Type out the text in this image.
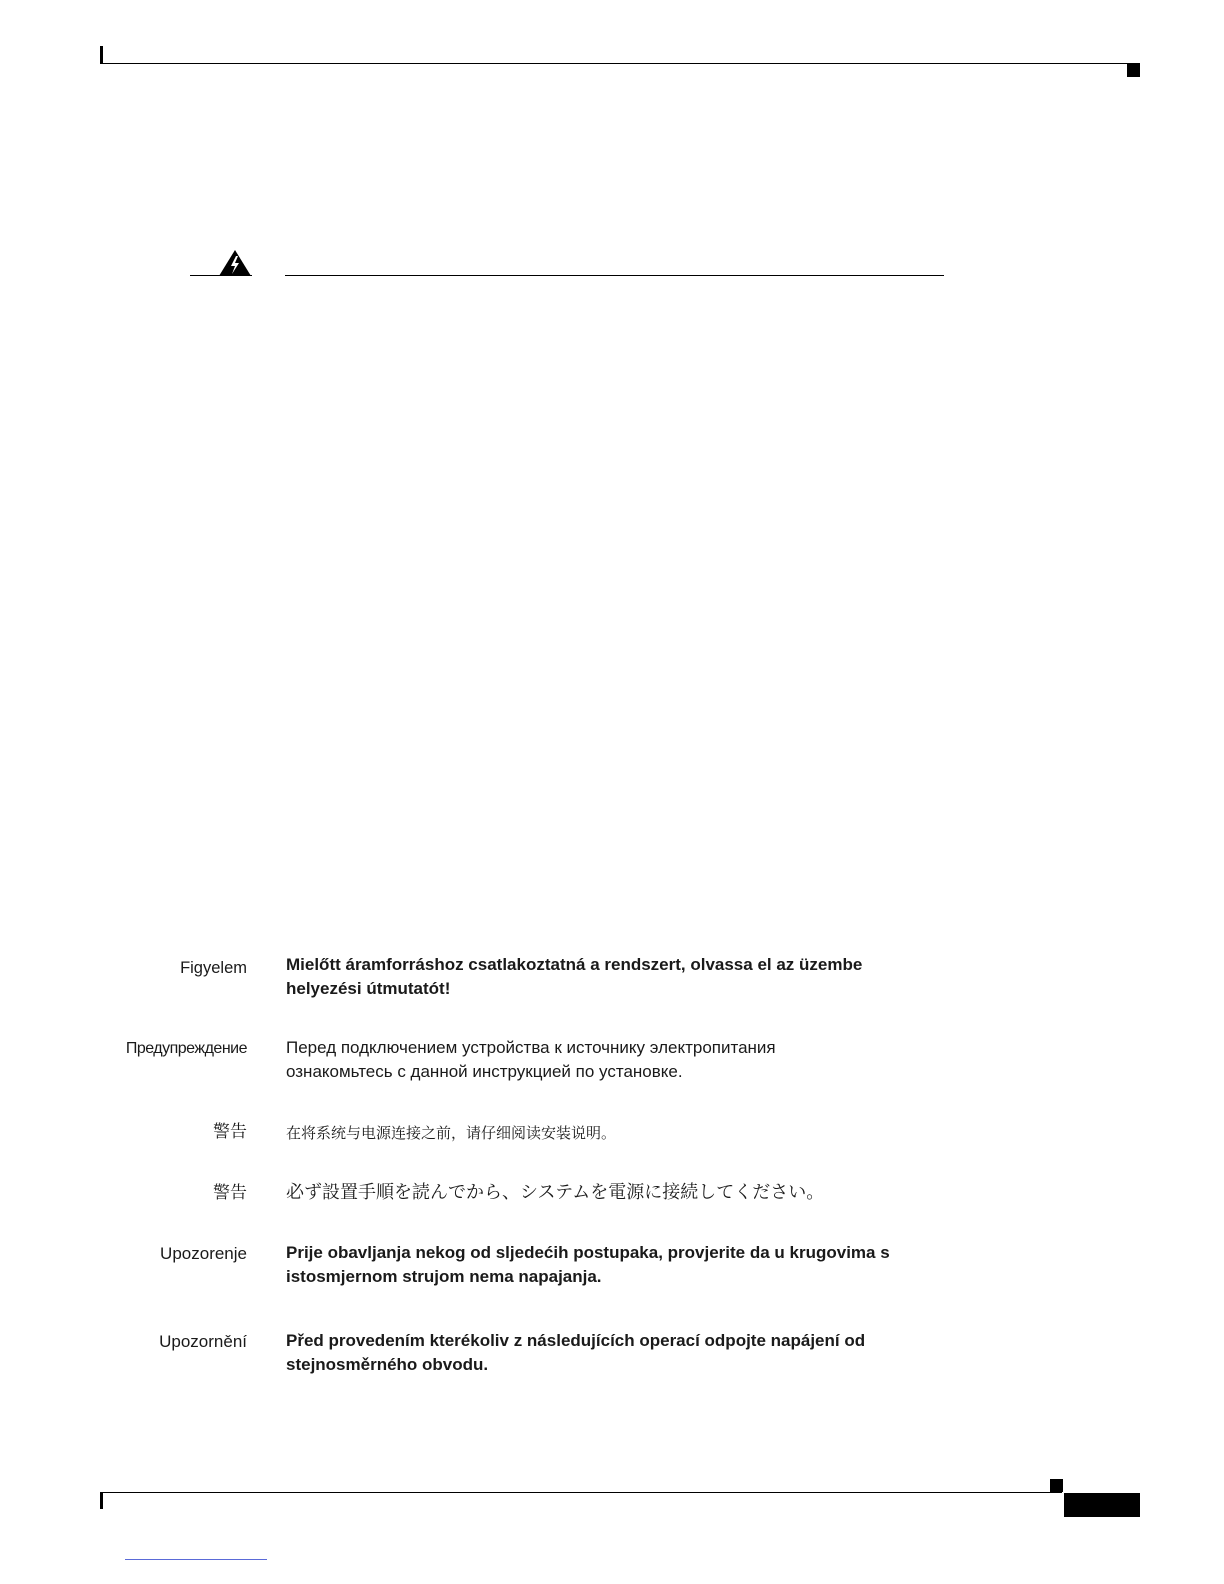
Figyelem Mielőtt áramforráshoz csatlakoztatná a rendszert, olvassa el az üzembe helyezési útmutatót!
Предупреждение Перед подключением устройства к источнику электропитания ознакомьтесь с данной инструкцией по установке.
警告	在将系统与电源连接之前，请仔细阅读安装说明。
警告 必ず設置手順を読んでから、システムを電源に接続してください。
Upozorenje Prije obavljanja nekog od sljedećih postupaka, provjerite da u krugovima s istosmjernom strujom nema napajanja.
Upozornění Před provedením kterékoliv z následujících operací odpojte napájení od stejnosměrného obvodu.
